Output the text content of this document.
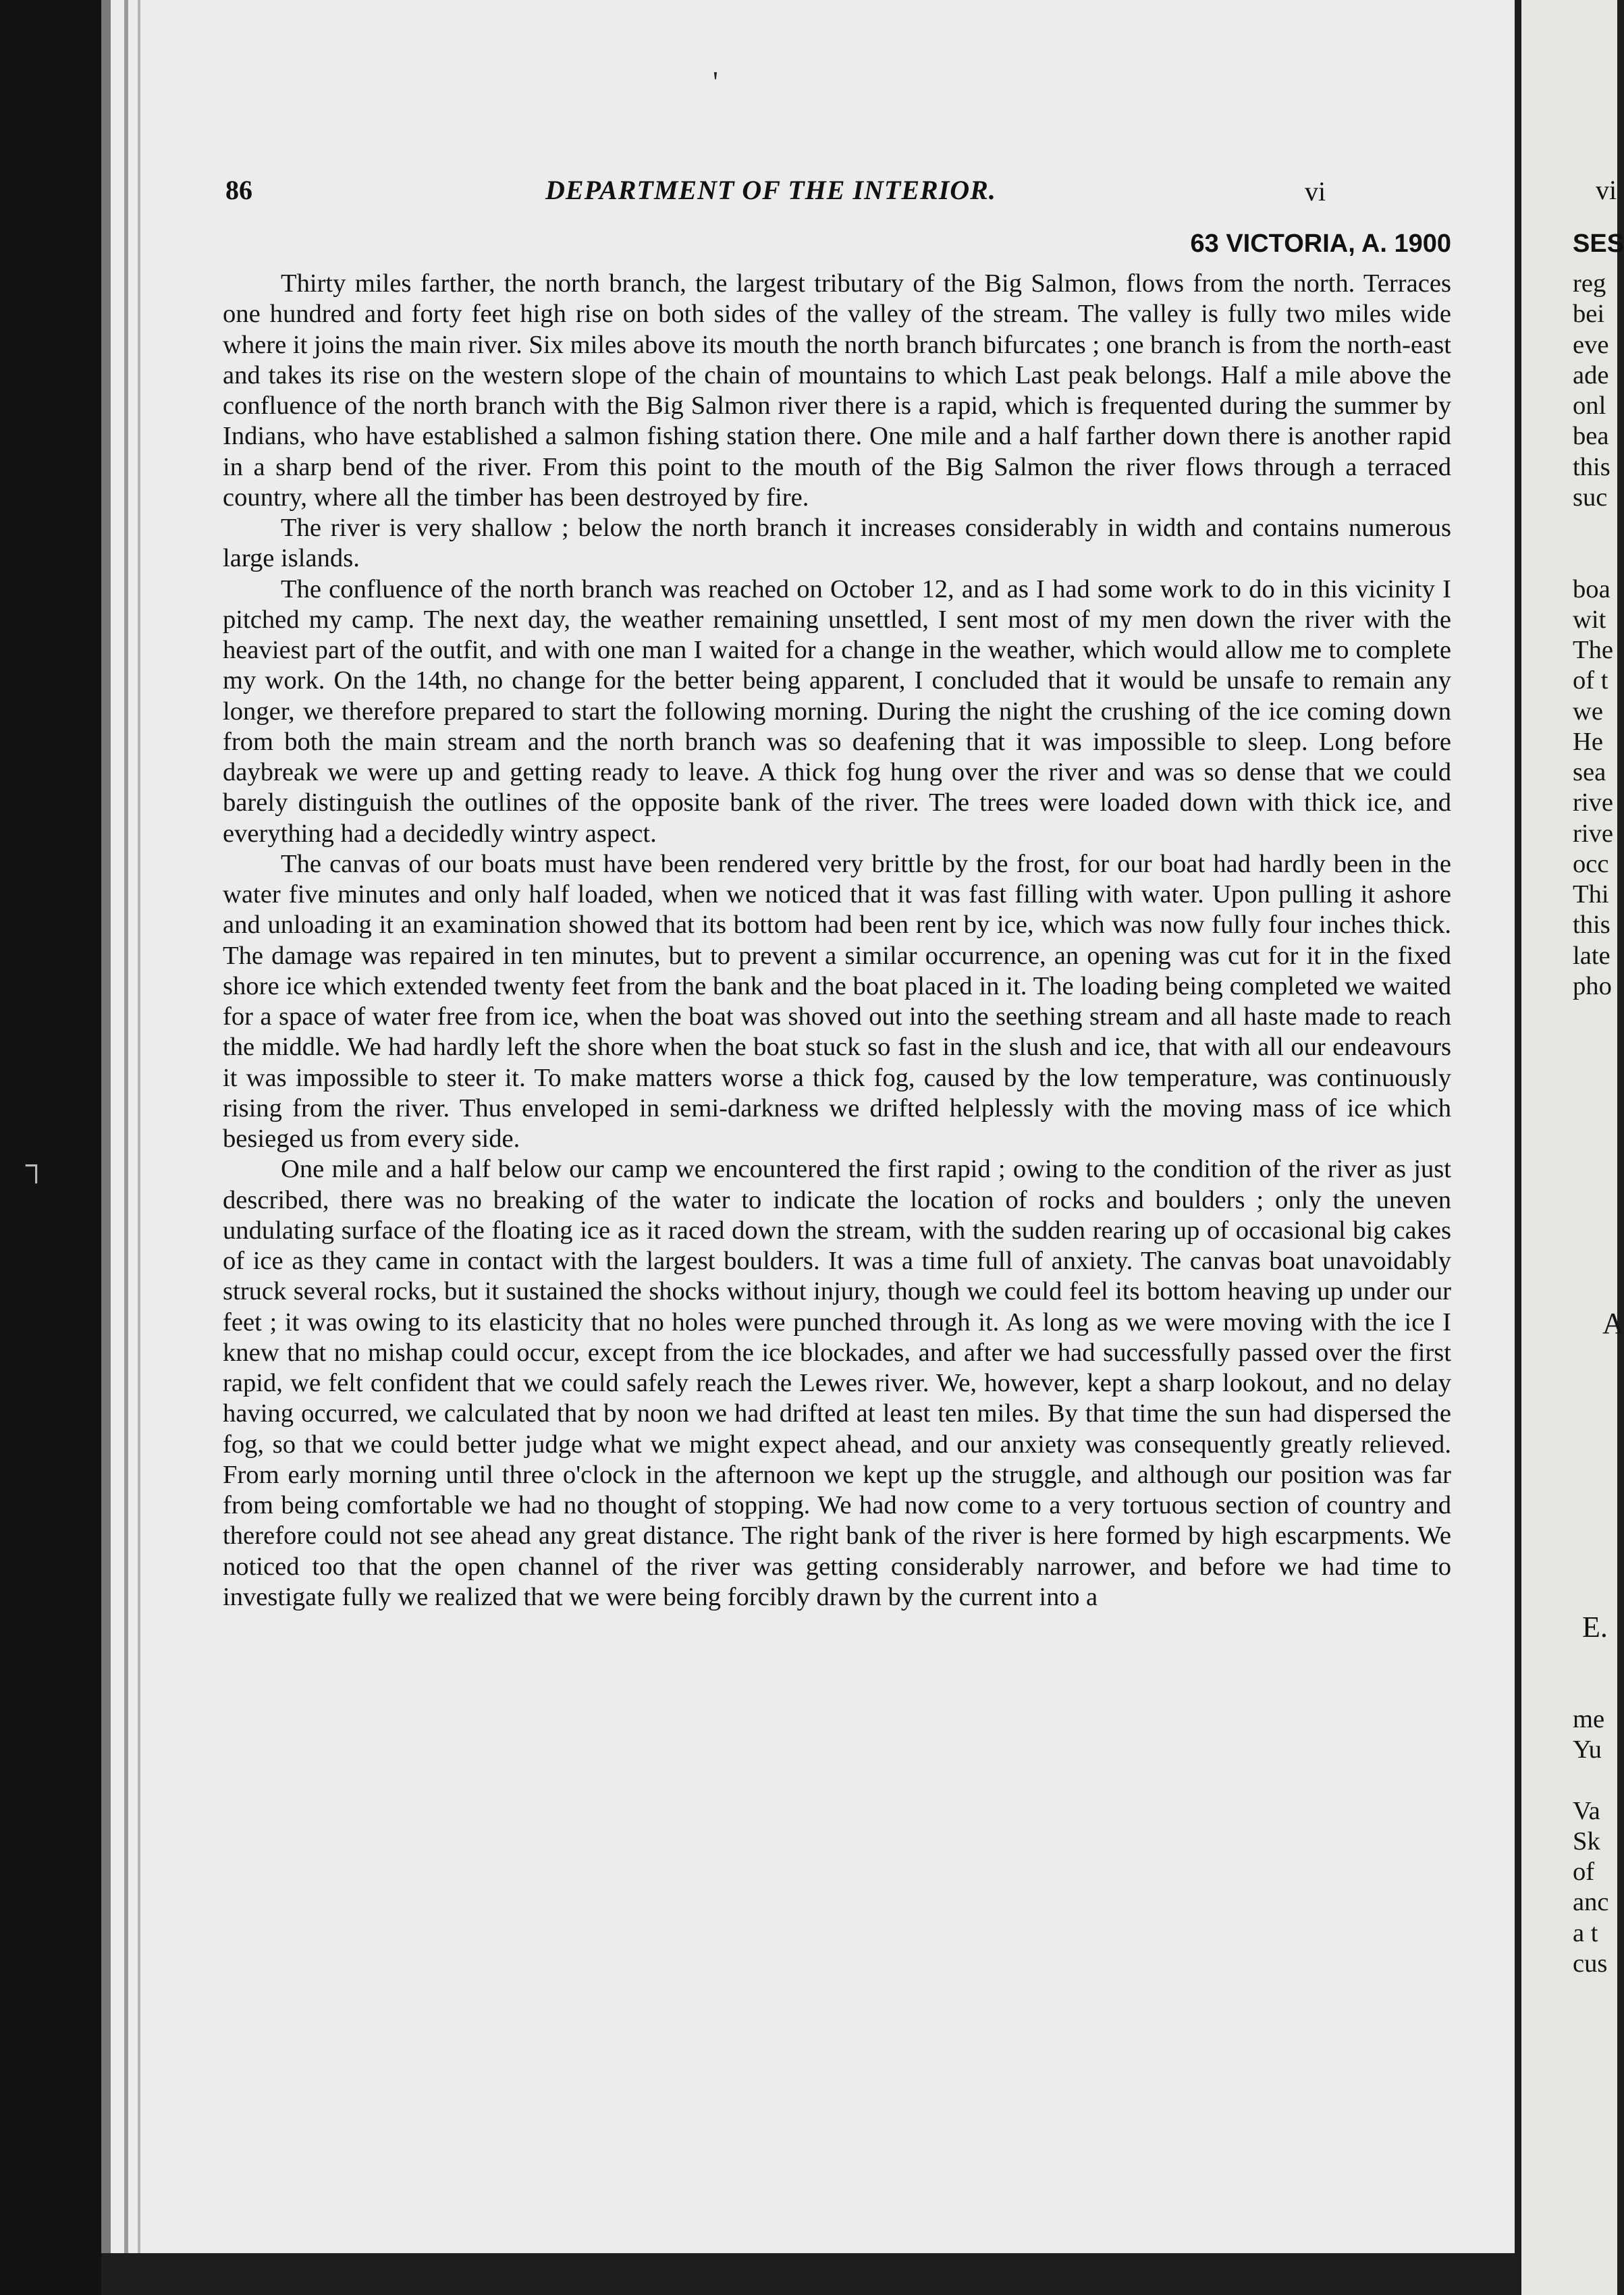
┐
'
86	DEPARTMENT OF THE INTERIOR.	vi
63 VICTORIA, A. 1900

Thirty miles farther, the north branch, the largest tributary of the Big Salmon, flows from the north. Terraces one hundred and forty feet high rise on both sides of the valley of the stream. The valley is fully two miles wide where it joins the main river. Six miles above its mouth the north branch bifurcates ; one branch is from the north-east and takes its rise on the western slope of the chain of mountains to which Last peak belongs. Half a mile above the confluence of the north branch with the Big Salmon river there is a rapid, which is frequented during the summer by Indians, who have established a salmon fishing station there. One mile and a half farther down there is another rapid in a sharp bend of the river. From this point to the mouth of the Big Salmon the river flows through a terraced country, where all the timber has been destroyed by fire.

The river is very shallow ; below the north branch it increases considerably in width and contains numerous large islands.

The confluence of the north branch was reached on October 12, and as I had some work to do in this vicinity I pitched my camp. The next day, the weather remaining unsettled, I sent most of my men down the river with the heaviest part of the outfit, and with one man I waited for a change in the weather, which would allow me to complete my work. On the 14th, no change for the better being apparent, I concluded that it would be unsafe to remain any longer, we therefore prepared to start the following morning. During the night the crushing of the ice coming down from both the main stream and the north branch was so deafening that it was impossible to sleep. Long before daybreak we were up and getting ready to leave. A thick fog hung over the river and was so dense that we could barely distinguish the outlines of the opposite bank of the river. The trees were loaded down with thick ice, and everything had a decidedly wintry aspect.

The canvas of our boats must have been rendered very brittle by the frost, for our boat had hardly been in the water five minutes and only half loaded, when we noticed that it was fast filling with water. Upon pulling it ashore and unloading it an examination showed that its bottom had been rent by ice, which was now fully four inches thick. The damage was repaired in ten minutes, but to prevent a similar occurrence, an opening was cut for it in the fixed shore ice which extended twenty feet from the bank and the boat placed in it. The loading being completed we waited for a space of water free from ice, when the boat was shoved out into the seething stream and all haste made to reach the middle. We had hardly left the shore when the boat stuck so fast in the slush and ice, that with all our endeavours it was impossible to steer it. To make matters worse a thick fog, caused by the low temperature, was continuously rising from the river. Thus enveloped in semi-darkness we drifted helplessly with the moving mass of ice which besieged us from every side.

One mile and a half below our camp we encountered the first rapid ; owing to the condition of the river as just described, there was no breaking of the water to indicate the location of rocks and boulders ; only the uneven undulating surface of the floating ice as it raced down the stream, with the sudden rearing up of occasional big cakes of ice as they came in contact with the largest boulders. It was a time full of anxiety. The canvas boat unavoidably struck several rocks, but it sustained the shocks without injury, though we could feel its bottom heaving up under our feet ; it was owing to its elasticity that no holes were punched through it. As long as we were moving with the ice I knew that no mishap could occur, except from the ice blockades, and after we had successfully passed over the first rapid, we felt confident that we could safely reach the Lewes river. We, however, kept a sharp lookout, and no delay having occurred, we calculated that by noon we had drifted at least ten miles. By that time the sun had dispersed the fog, so that we could better judge what we might expect ahead, and our anxiety was consequently greatly relieved. From early morning until three o'clock in the afternoon we kept up the struggle, and although our position was far from being comfortable we had no thought of stopping. We had now come to a very tortuous section of country and therefore could not see ahead any great distance. The right bank of the river is here formed by high escarpments. We noticed too that the open channel of the river was getting considerably narrower, and before we had time to investigate fully we realized that we were being forcibly drawn by the current into a

vi
SES
reg
bei
eve
ade
onl
bea
this
suc
boa
wit
The
of t
we
He
sea
rive
rive
occ
Thi
this
late
pho
me
Yu
Va
Sk
of
anc
a t
cus
A
E.
